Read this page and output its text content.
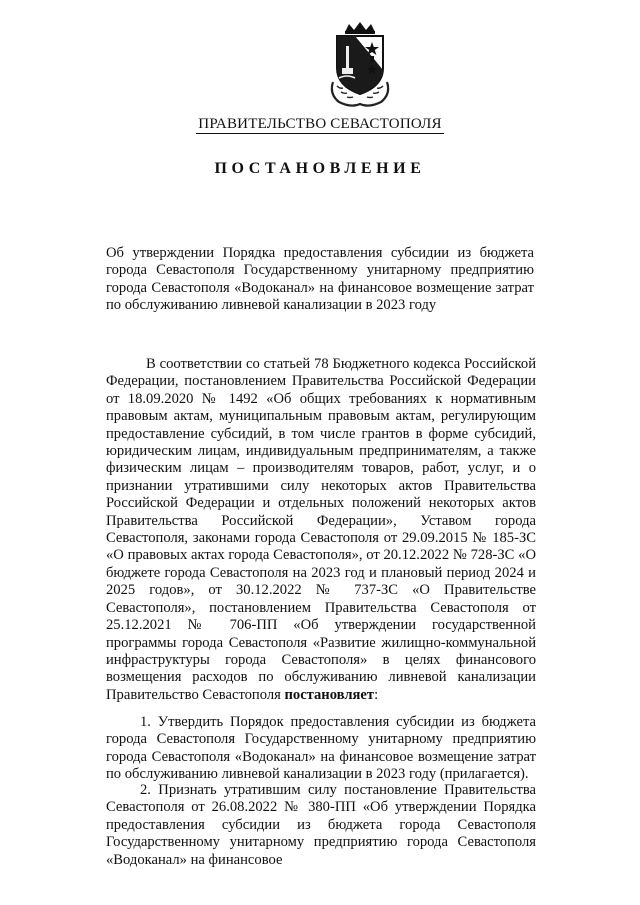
ПРАВИТЕЛЬСТВО СЕВАСТОПОЛЯ
ПОСТАНОВЛЕНИЕ
Об утверждении Порядка предоставления субсидии из бюджета города Севастополя Государственному унитарному предприятию города Севастополя «Водоканал» на финансовое возмещение затрат по обслуживанию ливневой канализации в 2023 году
В соответствии со статьей 78 Бюджетного кодекса Российской Федерации, постановлением Правительства Российской Федерации от 18.09.2020 № 1492 «Об общих требованиях к нормативным правовым актам, муниципальным правовым актам, регулирующим предоставление субсидий, в том числе грантов в форме субсидий, юридическим лицам, индивидуальным предпринимателям, а также физическим лицам – производителям товаров, работ, услуг, и о признании утратившими силу некоторых актов Правительства Российской Федерации и отдельных положений некоторых актов Правительства Российской Федерации», Уставом города Севастополя, законами города Севастополя от 29.09.2015 № 185-ЗС «О правовых актах города Севастополя», от 20.12.2022 № 728-ЗС «О бюджете города Севастополя на 2023 год и плановый период 2024 и 2025 годов», от 30.12.2022 № 737-ЗС «О Правительстве Севастополя», постановлением Правительства Севастополя от 25.12.2021 № 706-ПП «Об утверждении государственной программы города Севастополя «Развитие жилищно-коммунальной инфраструктуры города Севастополя» в целях финансового возмещения расходов по обслуживанию ливневой канализации Правительство Севастополя постановляет:
1. Утвердить Порядок предоставления субсидии из бюджета города Севастополя Государственному унитарному предприятию города Севастополя «Водоканал» на финансовое возмещение затрат по обслуживанию ливневой канализации в 2023 году (прилагается).
2. Признать утратившим силу постановление Правительства Севастополя от 26.08.2022 № 380-ПП «Об утверждении Порядка предоставления субсидии из бюджета города Севастополя Государственному унитарному предприятию города Севастополя «Водоканал» на финансовое
